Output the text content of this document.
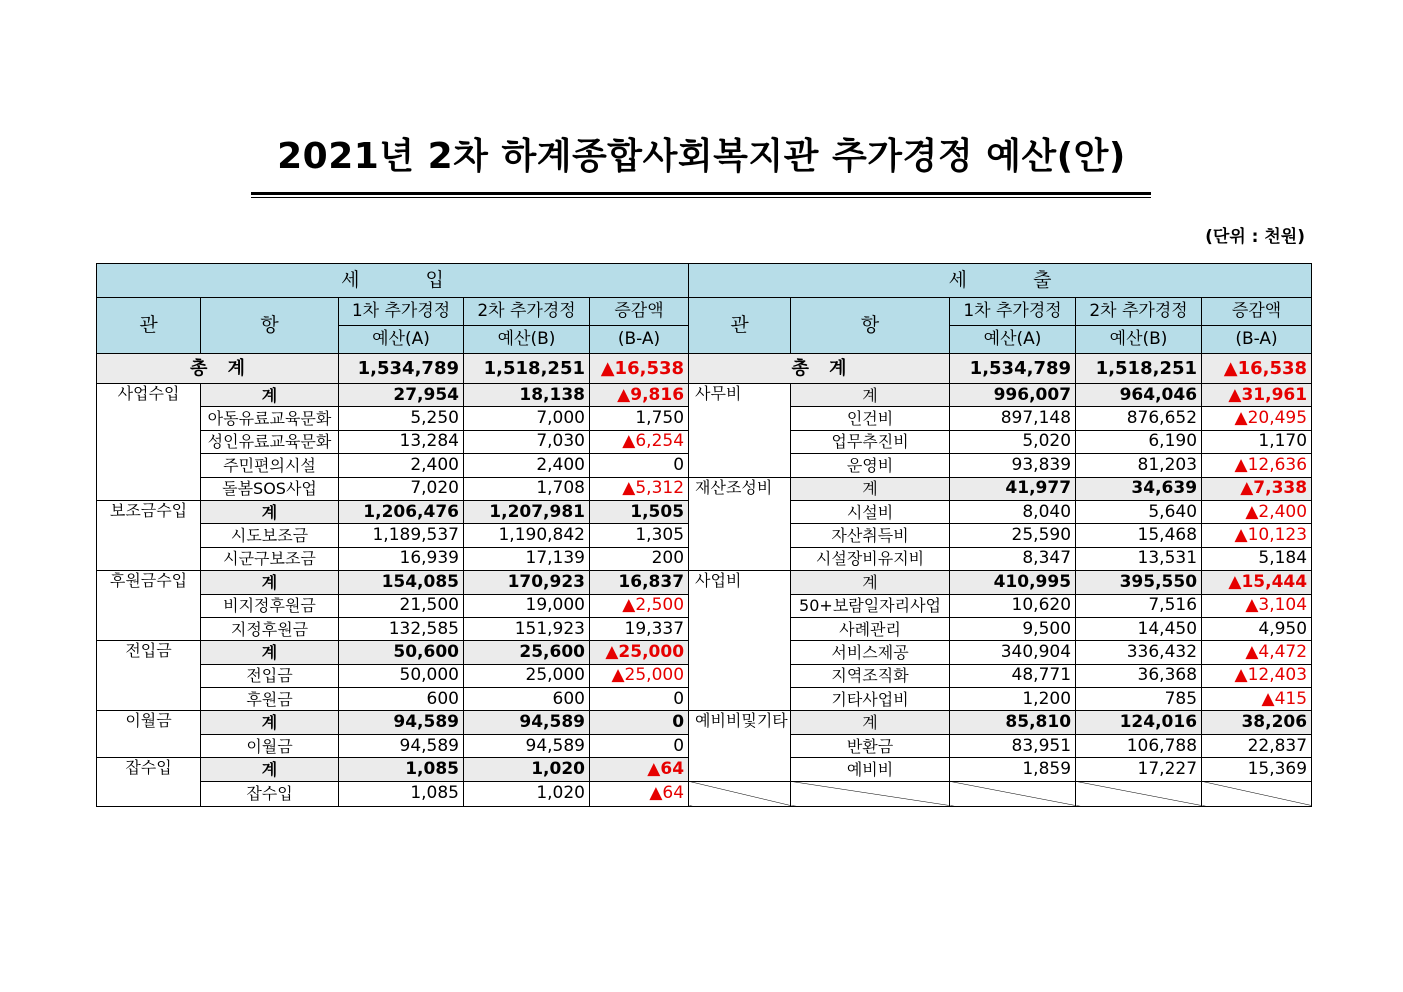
2021년 2차 하계종합사회복지관 추가경정 예산(안)
(단위 : 천원)
세 입					세 출				
관	항	1차 추가경정	2차 추가경정	증감액	관	항	1차 추가경정	2차 추가경정	증감액
		예산(A)	예산(B)	(B-A)			예산(A)	예산(B)	(B-A)
총 계		1,534,789	1,518,251	▲16,538	총 계		1,534,789	1,518,251	▲16,538
사업수입	계	27,954	18,138	▲9,816	사무비	계	996,007	964,046	▲31,961
	아동유료교육문화	5,250	7,000	1,750		인건비	897,148	876,652	▲20,495
	성인유료교육문화	13,284	7,030	▲6,254		업무추진비	5,020	6,190	1,170
	주민편의시설	2,400	2,400	0		운영비	93,839	81,203	▲12,636
	돌봄SOS사업	7,020	1,708	▲5,312	재산조성비	계	41,977	34,639	▲7,338
보조금수입	계	1,206,476	1,207,981	1,505		시설비	8,040	5,640	▲2,400
	시도보조금	1,189,537	1,190,842	1,305		자산취득비	25,590	15,468	▲10,123
	시군구보조금	16,939	17,139	200		시설장비유지비	8,347	13,531	5,184
후원금수입	계	154,085	170,923	16,837	사업비	계	410,995	395,550	▲15,444
	비지정후원금	21,500	19,000	▲2,500		50+보람일자리사업	10,620	7,516	▲3,104
	지정후원금	132,585	151,923	19,337		사례관리	9,500	14,450	4,950
전입금	계	50,600	25,600	▲25,000		서비스제공	340,904	336,432	▲4,472
	전입금	50,000	25,000	▲25,000		지역조직화	48,771	36,368	▲12,403
	후원금	600	600	0		기타사업비	1,200	785	▲415
이월금	계	94,589	94,589	0	예비비및기타	계	85,810	124,016	38,206
	이월금	94,589	94,589	0		반환금	83,951	106,788	22,837
잡수입	계	1,085	1,020	▲64		예비비	1,859	17,227	15,369
	잡수입	1,085	1,020	▲64					
